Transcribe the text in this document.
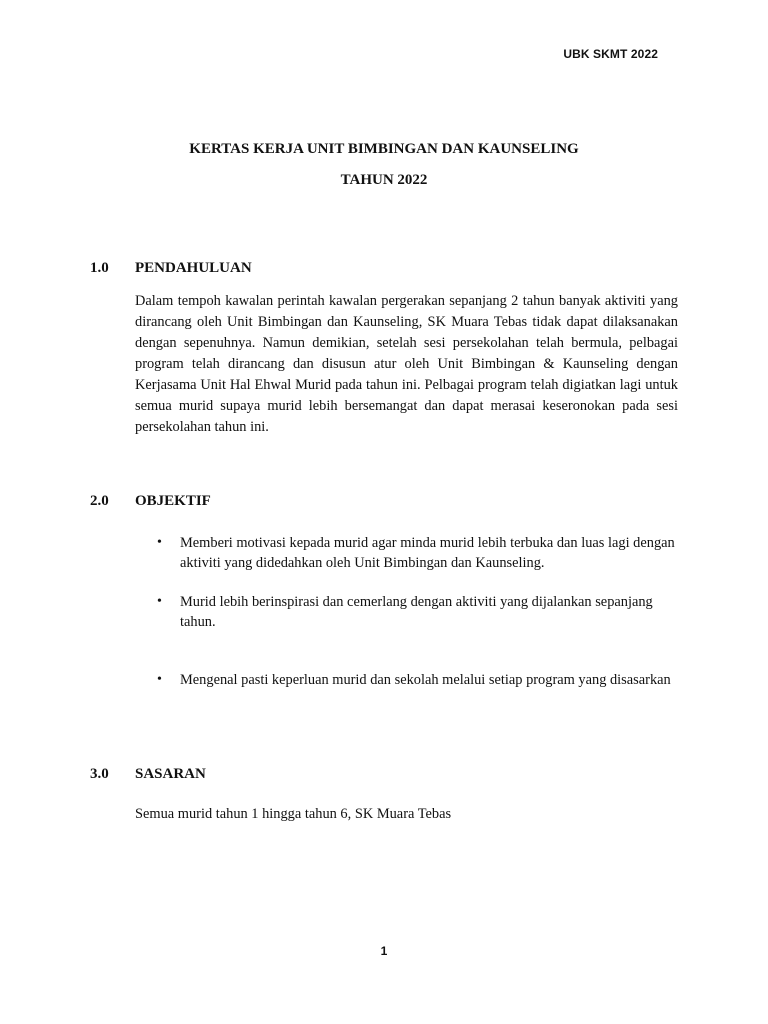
UBK SKMT 2022
KERTAS KERJA UNIT BIMBINGAN DAN KAUNSELING
TAHUN 2022
1.0 PENDAHULUAN
Dalam tempoh kawalan perintah kawalan pergerakan sepanjang 2 tahun banyak aktiviti yang dirancang oleh Unit Bimbingan dan Kaunseling, SK Muara Tebas tidak dapat dilaksanakan dengan sepenuhnya. Namun demikian, setelah sesi persekolahan telah bermula, pelbagai program telah dirancang dan disusun atur oleh Unit Bimbingan & Kaunseling dengan Kerjasama Unit Hal Ehwal Murid pada tahun ini. Pelbagai program telah digiatkan lagi untuk semua murid supaya murid lebih bersemangat dan dapat merasai keseronokan pada sesi persekolahan tahun ini.
2.0 OBJEKTIF
• Memberi motivasi kepada murid agar minda murid lebih terbuka dan luas lagi dengan aktiviti yang didedahkan oleh Unit Bimbingan dan Kaunseling.
• Murid lebih berinspirasi dan cemerlang dengan aktiviti yang dijalankan sepanjang tahun.
• Mengenal pasti keperluan murid dan sekolah melalui setiap program yang disasarkan
3.0 SASARAN
Semua murid tahun 1 hingga tahun 6, SK Muara Tebas
1
